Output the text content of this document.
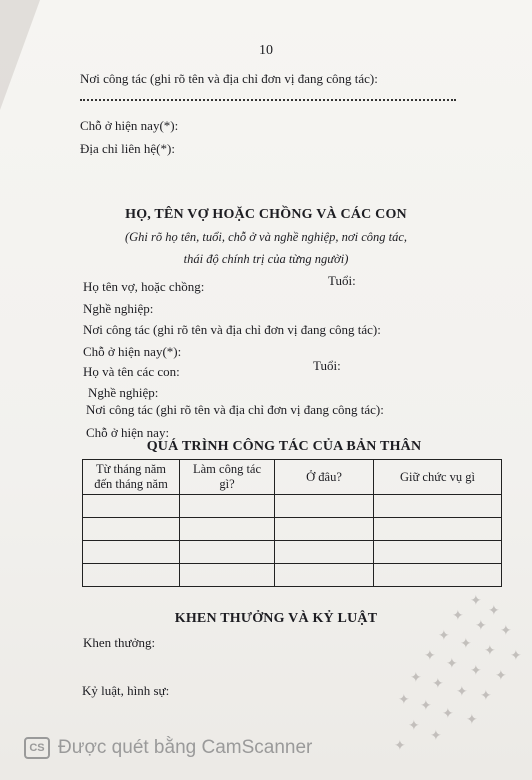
10
Nơi công tác (ghi rõ tên và địa chỉ đơn vị đang công tác):
Chỗ ở hiện nay(*):
Địa chỉ liên hệ(*):
HỌ, TÊN VỢ HOẶC CHỒNG VÀ CÁC CON
(Ghi rõ họ tên, tuổi, chỗ ở và nghề nghiệp, nơi công tác,
thái độ chính trị của từng người)
Họ tên vợ, hoặc chồng:	Tuổi:
Nghề nghiệp:
Nơi công tác (ghi rõ tên và địa chỉ đơn vị đang công tác):
Chỗ ở hiện nay(*):
Họ và tên các con:	Tuổi:
Nghề nghiệp:
Nơi công tác (ghi rõ tên và địa chỉ đơn vị đang công tác):
Chỗ ở hiện nay:
QUÁ TRÌNH CÔNG TÁC CỦA BẢN THÂN
Từ tháng năm
đến tháng năm	Làm công tác gì?	Ở đâu?	Giữ chức vụ gì

KHEN THƯỞNG VÀ KỶ LUẬT
Khen thưởng:
Kỷ luật, hình sự:
✦
✦
✦
✦ ✦
✦
✦ ✦ ✦
✦
✦ ✦ ✦
✦ ✦
✦ ✦
✦ ✦
✦ ✦
✦
✦
✦
CS Được quét bằng CamScanner
